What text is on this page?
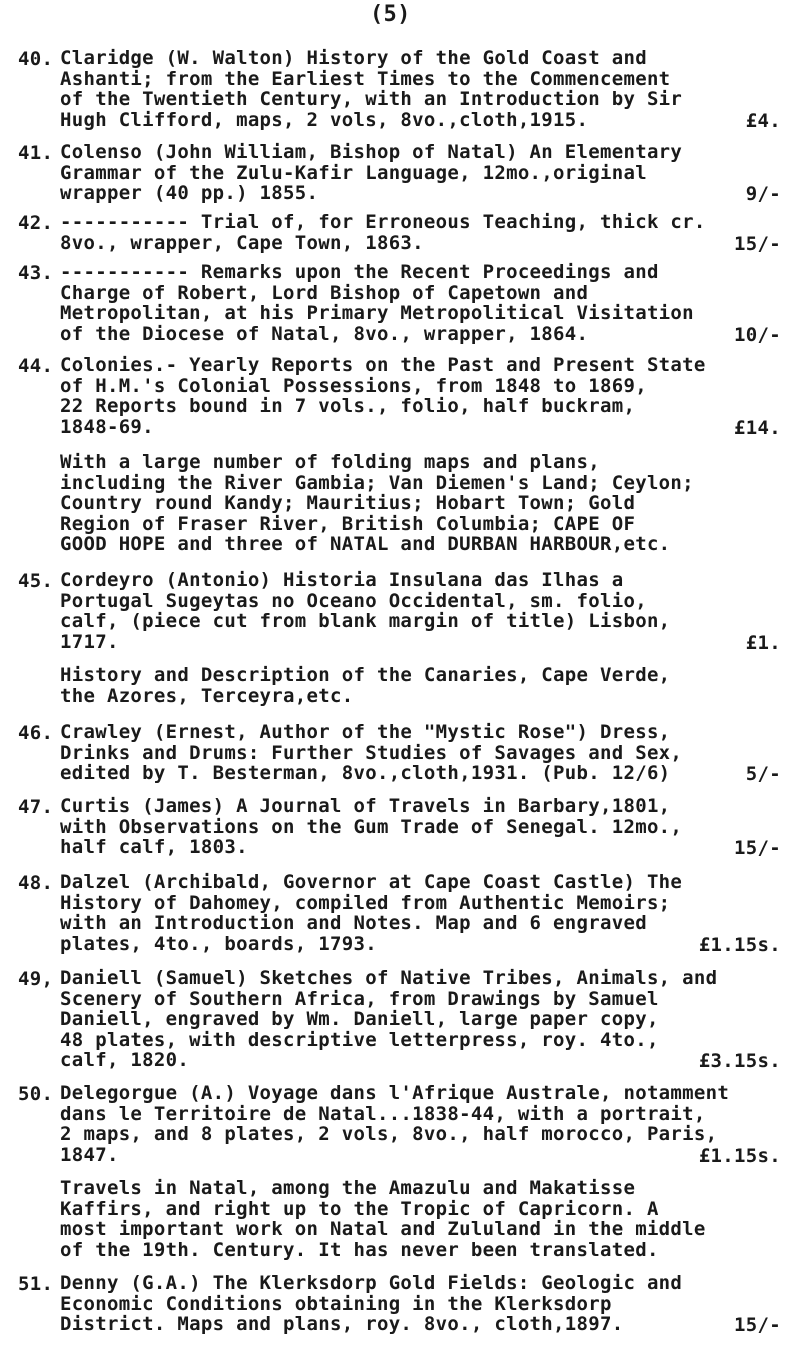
(5)
40. Claridge (W. Walton) History of the Gold Coast and
Ashanti; from the Earliest Times to the Commencement
of the Twentieth Century, with an Introduction by Sir
Hugh Clifford, maps, 2 vols, 8vo.,cloth,1915.	£4.
41. Colenso (John William, Bishop of Natal) An Elementary
Grammar of the Zulu-Kafir Language, 12mo.,original
wrapper (40 pp.) 1855.	9/-
42. ----------- Trial of, for Erroneous Teaching, thick cr.
8vo., wrapper, Cape Town, 1863.	15/-
43. ----------- Remarks upon the Recent Proceedings and
Charge of Robert, Lord Bishop of Capetown and
Metropolitan, at his Primary Metropolitical Visitation
of the Diocese of Natal, 8vo., wrapper, 1864.	10/-
44. Colonies.- Yearly Reports on the Past and Present State
of H.M.'s Colonial Possessions, from 1848 to 1869,
22 Reports bound in 7 vols., folio, half buckram,
1848-69.	£14.
With a large number of folding maps and plans,
including the River Gambia; Van Diemen's Land; Ceylon;
Country round Kandy; Mauritius; Hobart Town; Gold
Region of Fraser River, British Columbia; CAPE OF
GOOD HOPE and three of NATAL and DURBAN HARBOUR,etc.
45. Cordeyro (Antonio) Historia Insulana das Ilhas a
Portugal Sugeytas no Oceano Occidental, sm. folio,
calf, (piece cut from blank margin of title) Lisbon,
1717.	£1.
History and Description of the Canaries, Cape Verde,
the Azores, Terceyra,etc.
46. Crawley (Ernest, Author of the "Mystic Rose") Dress,
Drinks and Drums: Further Studies of Savages and Sex,
edited by T. Besterman, 8vo.,cloth,1931. (Pub. 12/6)	5/-
47. Curtis (James) A Journal of Travels in Barbary,1801,
with Observations on the Gum Trade of Senegal. 12mo.,
half calf, 1803.	15/-
48. Dalzel (Archibald, Governor at Cape Coast Castle) The
History of Dahomey, compiled from Authentic Memoirs;
with an Introduction and Notes. Map and 6 engraved
plates, 4to., boards, 1793.	£1.15s.
49, Daniell (Samuel) Sketches of Native Tribes, Animals, and
Scenery of Southern Africa, from Drawings by Samuel
Daniell, engraved by Wm. Daniell, large paper copy,
48 plates, with descriptive letterpress, roy. 4to.,
calf, 1820.	£3.15s.
50. Delegorgue (A.) Voyage dans l'Afrique Australe, notamment
dans le Territoire de Natal...1838-44, with a portrait,
2 maps, and 8 plates, 2 vols, 8vo., half morocco, Paris,
1847.	£1.15s.
Travels in Natal, among the Amazulu and Makatisse
Kaffirs, and right up to the Tropic of Capricorn. A
most important work on Natal and Zululand in the middle
of the 19th. Century. It has never been translated.
51. Denny (G.A.) The Klerksdorp Gold Fields: Geologic and
Economic Conditions obtaining in the Klerksdorp
District. Maps and plans, roy. 8vo., cloth,1897.	15/-
